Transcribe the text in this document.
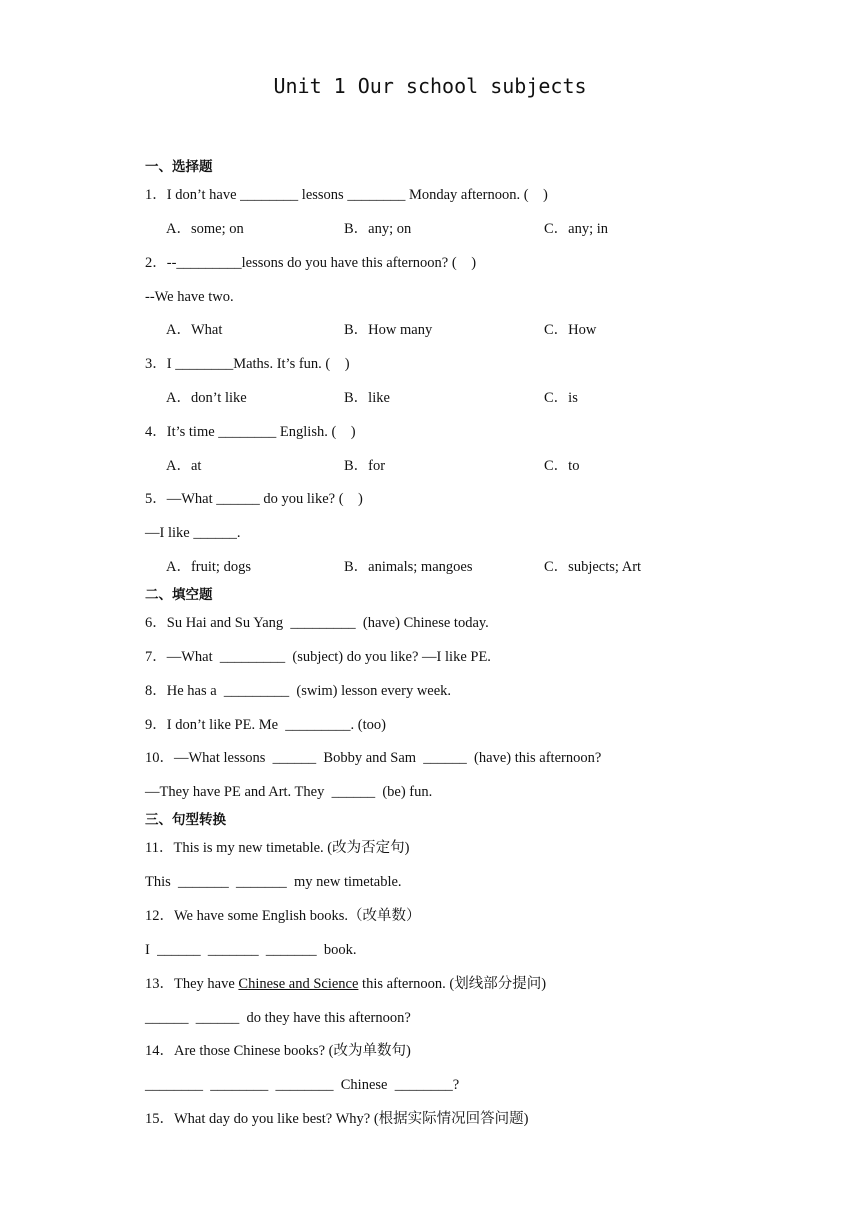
Unit 1 Our school subjects
一、选择题
1．I don’t have ________ lessons ________ Monday afternoon. (    )
A．some; on	B．any; on	C．any; in
2．--_________lessons do you have this afternoon? (    )
--We have two.
A．What	B．How many	C．How
3．I ________Maths. It’s fun. (    )
A．don’t like	B．like	C．is
4．It’s time ________ English. (    )
A．at	B．for	C．to
5．—What ______ do you like? (    )
—I like ______.
A．fruit; dogs	B．animals; mangoes	C．subjects; Art
二、填空题
6．Su Hai and Su Yang  _________  (have) Chinese today.
7．—What  _________  (subject) do you like? —I like PE.
8．He has a  _________  (swim) lesson every week.
9．I don’t like PE. Me  _________. (too)
10．—What lessons  ______  Bobby and Sam  ______  (have) this afternoon?
—They have PE and Art. They  ______  (be) fun.
三、句型转换
11．This is my new timetable. (改为否定句)
This  _______  _______  my new timetable.
12．We have some English books.（改单数）
I  ______  _______  _______  book.
13．They have Chinese and Science this afternoon. (划线部分提问)
______  ______  do they have this afternoon?
14．Are those Chinese books? (改为单数句)
________  ________  ________  Chinese  ________?
15．What day do you like best? Why? (根据实际情况回答问题)
